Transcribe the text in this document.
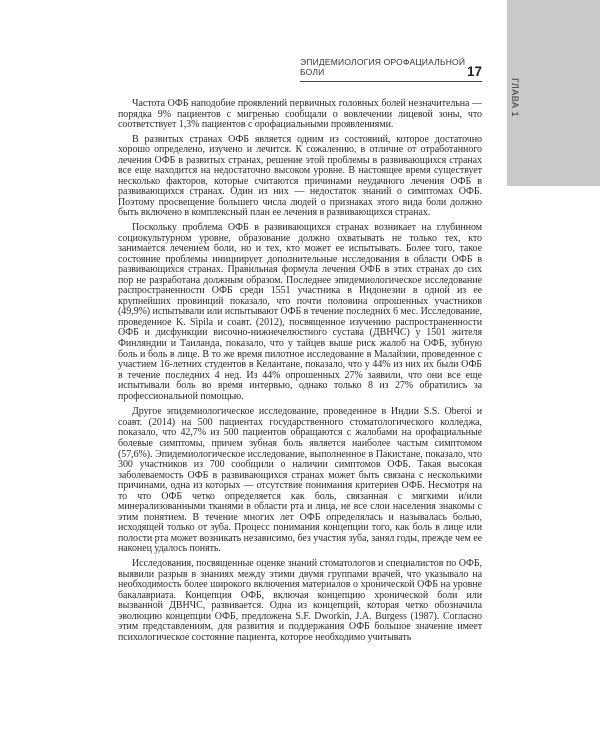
ГЛАВА 1
ЭПИДЕМИОЛОГИЯ ОРОФАЦИАЛЬНОЙ БОЛИ	17

Частота ОФБ наподобие проявлений первичных головных болей незначительна — порядка 9% пациентов с мигренью сообщали о вовлечении лицевой зоны, что соответствует 1,3% пациентов с орофациальными проявлениями.

В развитых странах ОФБ является одним из состояний, которое достаточно хорошо определено, изучено и лечится. К сожалению, в отличие от отработанного лечения ОФБ в развитых странах, решение этой проблемы в развивающихся странах все еще находится на недостаточно высоком уровне. В настоящее время существует несколько факторов, которые считаются причинами неудачного лечения ОФБ в развивающихся странах. Один из них — недостаток знаний о симптомах ОФБ. Поэтому просвещение большего числа людей о признаках этого вида боли должно быть включено в комплексный план ее лечения в развивающихся странах.

Поскольку проблема ОФБ в развивающихся странах возникает на глубинном социокультурном уровне, образование должно охватывать не только тех, кто занимается лечением боли, но и тех, кто может ее испытывать. Более того, такое состояние проблемы инициирует дополнительные исследования в области ОФБ в развивающихся странах. Правильная формула лечения ОФБ в этих странах до сих пор не разработана должным образом. Последнее эпидемиологическое исследование распространенности ОФБ среди 1551 участника в Индонезии в одной из ее крупнейших провинций показало, что почти половина опрошенных участников (49,9%) испытывали или испытывают ОФБ в течение последних 6 мес. Исследование, проведенное K. Sipila и соавт. (2012), посвященное изучению распространенности ОФБ и дисфункции височно-нижнечелюстного сустава (ДВНЧС) у 1501 жителя Финляндии и Таиланда, показало, что у тайцев выше риск жалоб на ОФБ, зубную боль и боль в лице. В то же время пилотное исследование в Малайзии, проведенное с участием 16-летних студентов в Келантане, показало, что у 44% из них их были ОФБ в течение последних 4 нед. Из 44% опрошенных 27% заявили, что они все еще испытывали боль во время интервью, однако только 8 из 27% обратились за профессиональной помощью.

Другое эпидемиологическое исследование, проведенное в Индии S.S. Oberoi и соавт. (2014) на 500 пациентах государственного стоматологического колледжа, показало, что 42,7% из 500 пациентов обращаются с жалобами на орофациальные болевые симптомы, причем зубная боль является наиболее частым симптомом (57,6%). Эпидемиологическое исследование, выполненное в Пакистане, показало, что 300 участников из 700 сообщили о наличии симптомов ОФБ. Такая высокая заболеваемость ОФБ в развивающихся странах может быть связана с несколькими причинами, одна из которых — отсутствие понимания критериев ОФБ. Несмотря на то что ОФБ четко определяется как боль, связанная с мягкими и/или минерализованными тканями в области рта и лица, не все слои населения знакомы с этим понятием. В течение многих лет ОФБ определялась и называлась болью, исходящей только от зуба. Процесс понимания концепции того, как боль в лице или полости рта может возникать независимо, без участия зуба, занял годы, прежде чем ее наконец удалось понять.

Исследования, посвященные оценке знаний стоматологов и специалистов по ОФБ, выявили разрыв в знаниях между этими двумя группами врачей, что указывало на необходимость более широкого включения материалов о хронической ОФБ на уровне бакалавриата. Концепция ОФБ, включая концепцию хронической боли или вызванной ДВНЧС, развивается. Одна из концепций, которая четко обозначила эволюцию концепции ОФБ, предложена S.F. Dworkin, J.A. Burgess (1987). Согласно этим представлениям, для развития и поддержания ОФБ большое значение имеет психологическое состояние пациента, которое необходимо учитывать
